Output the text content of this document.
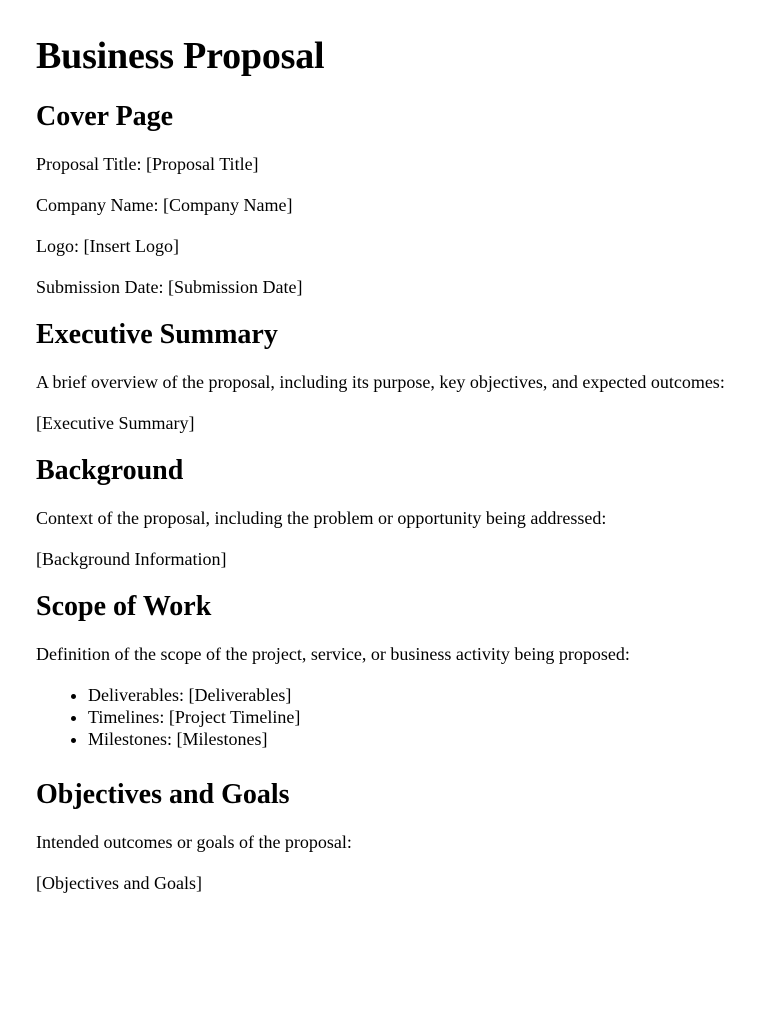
Business Proposal
Cover Page

Proposal Title: [Proposal Title]

Company Name: [Company Name]

Logo: [Insert Logo]

Submission Date: [Submission Date]

Executive Summary

A brief overview of the proposal, including its purpose, key objectives, and expected outcomes:

[Executive Summary]

Background

Context of the proposal, including the problem or opportunity being addressed:

[Background Information]

Scope of Work

Definition of the scope of the project, service, or business activity being proposed:

• Deliverables: [Deliverables]
• Timelines: [Project Timeline]
• Milestones: [Milestones]
Objectives and Goals

Intended outcomes or goals of the proposal:

[Objectives and Goals]
